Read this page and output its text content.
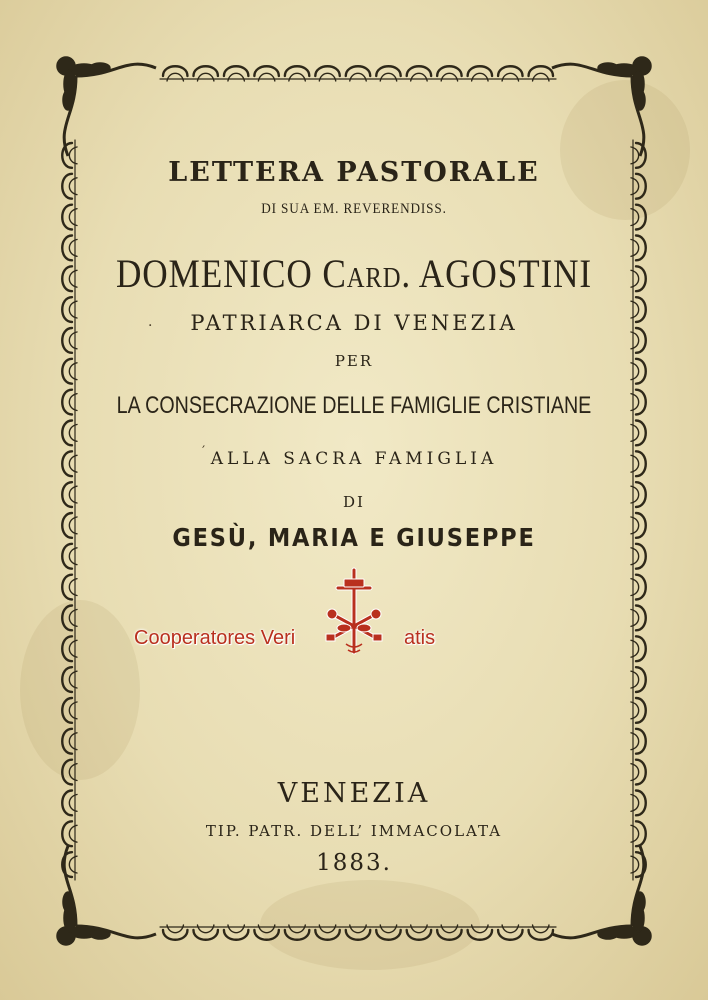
·
′
LETTERA PASTORALE
DI SUA EM. REVERENDISS.
DOMENICO Card. AGOSTINI
PATRIARCA DI VENEZIA
PER
LA CONSECRAZIONE DELLE FAMIGLIE CRISTIANE
ALLA SACRA FAMIGLIA
DI
GESÙ, MARIA E GIUSEPPE
Cooperatores Veri	atis
VENEZIA
TIP. PATR. DELL’ IMMACOLATA
1883.
